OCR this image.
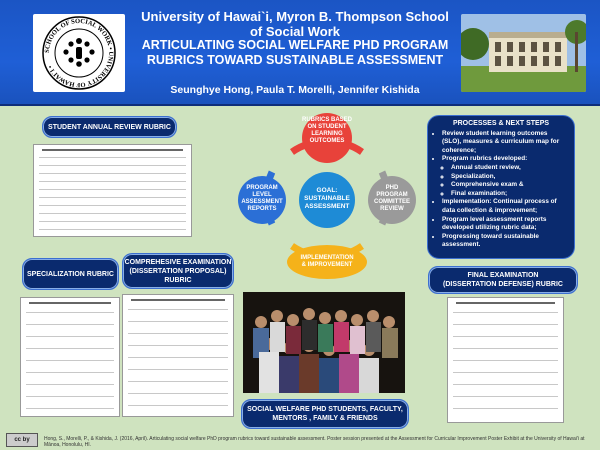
SCHOOL OF SOCIAL WORK • UNIVERSITY OF HAWAI`I •
University of Hawai`i, Myron B. Thompson School of Social Work
ARTICULATING SOCIAL WELFARE PHD PROGRAM
RUBRICS TOWARD SUSTAINABLE ASSESSMENT
Seunghye Hong, Paula T. Morelli, Jennifer Kishida
STUDENT ANNUAL REVIEW RUBRIC
SPECIALIZATION RUBRIC
COMPREHESIVE EXAMINATION
(DISSERTATION PROPOSAL)
RUBRIC
RUBRICS BASED
ON STUDENT
LEARNING
OUTCOMES
PROGRAM
LEVEL
ASSESSMENT
REPORTS
PHD
PROGRAM
COMMITTEE
REVIEW
IMPLEMENTATION
& IMPROVEMENT
GOAL:
SUSTAINABLE
ASSESSMENT
SOCIAL WELFARE PHD STUDENTS, FACULTY,
MENTORS , FAMILY & FRIENDS
PROCESSES & NEXT STEPS
• Review student learning outcomes (SLO), measures & curriculum map for coherence;
• Program rubrics developed:
◦ Annual student review,
◦ Specialization,
◦ Comprehensive exam &
◦ Final examination;
• Implementation: Continual process of data collection & improvement;
• Program level assessment reports developed utilizing rubric data;
• Progressing toward sustainable assessment.
FINAL EXAMINATION
(DISSERTATION DEFENSE) RUBRIC
cc by	Hong, S., Morelli, P., & Kishida, J. (2016, April). Articulating social welfare PhD program rubrics toward sustainable assessment. Poster session presented at the Assessment for Curricular Improvement Poster Exhibit at the University of Hawai'i at Mānoa, Honolulu, HI.
